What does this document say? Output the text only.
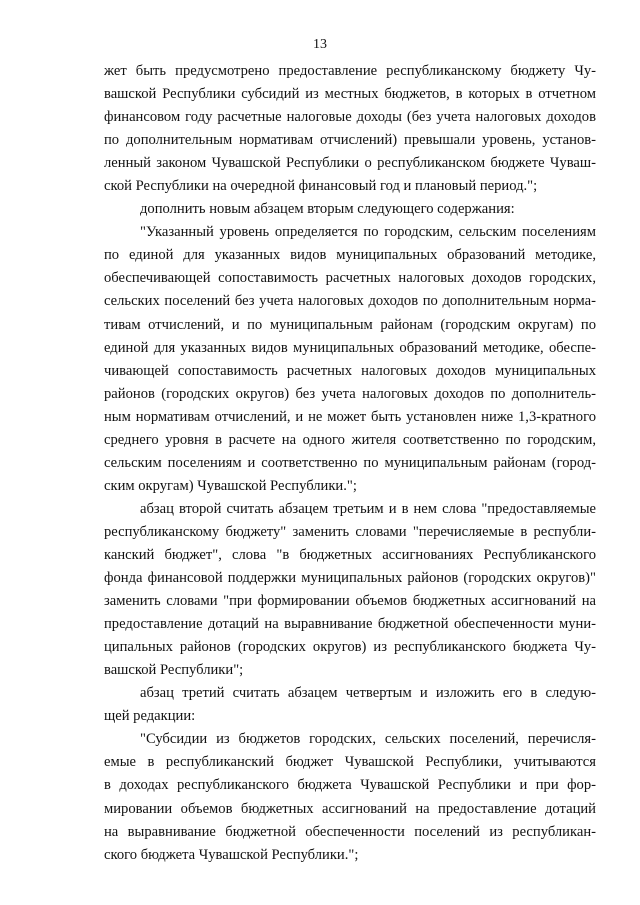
13
жет быть предусмотрено предоставление республиканскому бюджету Чу-
вашской Республики субсидий из местных бюджетов, в которых в отчетном
финансовом году расчетные налоговые доходы (без учета налоговых доходов
по дополнительным нормативам отчислений) превышали уровень, установ-
ленный законом Чувашской Республики о республиканском бюджете Чуваш-
ской Республики на очередной финансовый год и плановый период.";
дополнить новым абзацем вторым следующего содержания:
"Указанный уровень определяется по городским, сельским поселениям
по единой для указанных видов муниципальных образований методике,
обеспечивающей сопоставимость расчетных налоговых доходов городских,
сельских поселений без учета налоговых доходов по дополнительным норма-
тивам отчислений, и по муниципальным районам (городским округам) по
единой для указанных видов муниципальных образований методике, обеспе-
чивающей сопоставимость расчетных налоговых доходов муниципальных
районов (городских округов) без учета налоговых доходов по дополнитель-
ным нормативам отчислений, и не может быть установлен ниже 1,3-кратного
среднего уровня в расчете на одного жителя соответственно по городским,
сельским поселениям и соответственно по муниципальным районам (город-
ским округам) Чувашской Республики.";
абзац второй считать абзацем третьим и в нем слова "предоставляемые
республиканскому бюджету" заменить словами "перечисляемые в республи-
канский бюджет", слова "в бюджетных ассигнованиях Республиканского
фонда финансовой поддержки муниципальных районов (городских округов)"
заменить словами "при формировании объемов бюджетных ассигнований на
предоставление дотаций на выравнивание бюджетной обеспеченности муни-
ципальных районов (городских округов) из республиканского бюджета Чу-
вашской Республики";
абзац третий считать абзацем четвертым и изложить его в следую-
щей редакции:
"Субсидии из бюджетов городских, сельских поселений, перечисля-
емые в республиканский бюджет Чувашской Республики, учитываются
в доходах республиканского бюджета Чувашской Республики и при фор-
мировании объемов бюджетных ассигнований на предоставление дотаций
на выравнивание бюджетной обеспеченности поселений из республикан-
ского бюджета Чувашской Республики.";
